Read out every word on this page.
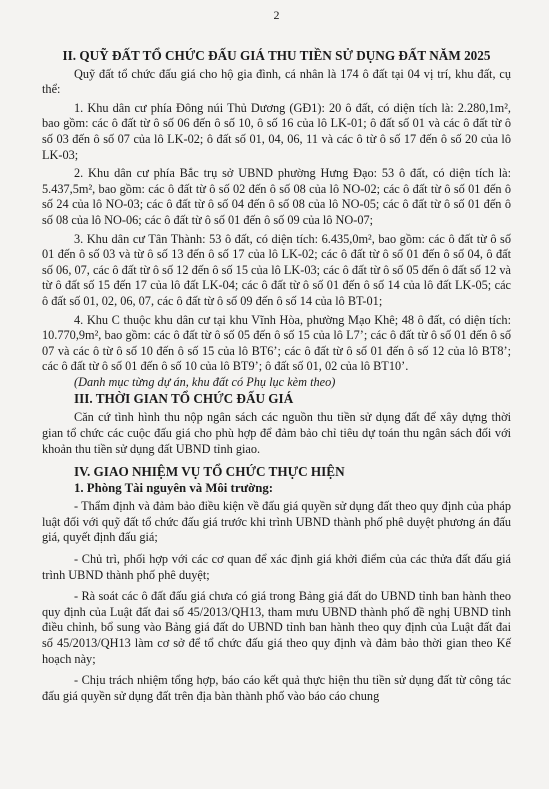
2
II. QUỸ ĐẤT TỔ CHỨC ĐẤU GIÁ THU TIỀN SỬ DỤNG ĐẤT NĂM 2025

Quỹ đất tổ chức đấu giá cho hộ gia đình, cá nhân là 174 ô đất tại 04 vị trí, khu đất, cụ thể:

1. Khu dân cư phía Đông núi Thủ Dương (GĐ1): 20 ô đất, có diện tích là: 2.280,1m², bao gồm: các ô đất từ ô số 06 đến ô số 10, ô số 16 của lô LK-01; ô đất số 01 và các ô đất từ ô số 03 đến ô số 07 của lô LK-02; ô đất số 01, 04, 06, 11 và các ô từ ô số 17 đến ô số 20 của lô LK-03;

2. Khu dân cư phía Bắc trụ sở UBND phường Hưng Đạo: 53 ô đất, có diện tích là: 5.437,5m², bao gồm: các ô đất từ ô số 02 đến ô số 08 của lô NO-02; các ô đất từ ô số 01 đến ô số 24 của lô NO-03; các ô đất từ ô số 04 đến ô số 08 của lô NO-05; các ô đất từ ô số 01 đến ô số 08 của lô NO-06; các ô đất từ ô số 01 đến ô số 09 của lô NO-07;

3. Khu dân cư Tân Thành: 53 ô đất, có diện tích: 6.435,0m², bao gồm: các ô đất từ ô số 01 đến ô số 03 và từ ô số 13 đến ô số 17 của lô LK-02; các ô đất từ ô số 01 đến ô số 04, ô đất số 06, 07, các ô đất từ ô số 12 đến ô số 15 của lô LK-03; các ô đất từ ô số 05 đến ô đất số 12 và từ ô đất số 15 đến 17 của lô đất LK-04; các ô đất từ ô số 01 đến ô số 14 của lô đất LK-05; các ô đất số 01, 02, 06, 07, các ô đất từ ô số 09 đến ô số 14 của lô BT-01;

4. Khu C thuộc khu dân cư tại khu Vĩnh Hòa, phường Mạo Khê; 48 ô đất, có diện tích: 10.770,9m², bao gồm: các ô đất từ ô số 05 đến ô số 15 của lô L7’; các ô đất từ ô số 01 đến ô số 07 và các ô từ ô số 10 đến ô số 15 của lô BT6’; các ô đất từ ô số 01 đến ô số 12 của lô BT8’; các ô đất từ ô số 01 đến ô số 10 của lô BT9’; ô đất số 01, 02 của lô BT10’.

(Danh mục từng dự án, khu đất có Phụ lục kèm theo)
III. THỜI GIAN TỔ CHỨC ĐẤU GIÁ

Căn cứ tình hình thu nộp ngân sách các nguồn thu tiền sử dụng đất để xây dựng thời gian tổ chức các cuộc đấu giá cho phù hợp để đảm bảo chỉ tiêu dự toán thu ngân sách đối với khoản thu tiền sử dụng đất UBND tỉnh giao.

IV. GIAO NHIỆM VỤ TỔ CHỨC THỰC HIỆN
1. Phòng Tài nguyên và Môi trường:

- Thẩm định và đảm bảo điều kiện về đấu giá quyền sử dụng đất theo quy định của pháp luật đối với quỹ đất tổ chức đấu giá trước khi trình UBND thành phố phê duyệt phương án đấu giá, quyết định đấu giá;

- Chủ trì, phối hợp với các cơ quan để xác định giá khởi điểm của các thửa đất đấu giá trình UBND thành phố phê duyệt;

- Rà soát các ô đất đấu giá chưa có giá trong Bảng giá đất do UBND tỉnh ban hành theo quy định của Luật đất đai số 45/2013/QH13, tham mưu UBND thành phố đề nghị UBND tỉnh điều chỉnh, bổ sung vào Bảng giá đất do UBND tỉnh ban hành theo quy định của Luật đất đai số 45/2013/QH13 làm cơ sở để tổ chức đấu giá theo quy định và đảm bảo thời gian theo Kế hoạch này;

- Chịu trách nhiệm tổng hợp, báo cáo kết quả thực hiện thu tiền sử dụng đất từ công tác đấu giá quyền sử dụng đất trên địa bàn thành phố vào báo cáo chung
